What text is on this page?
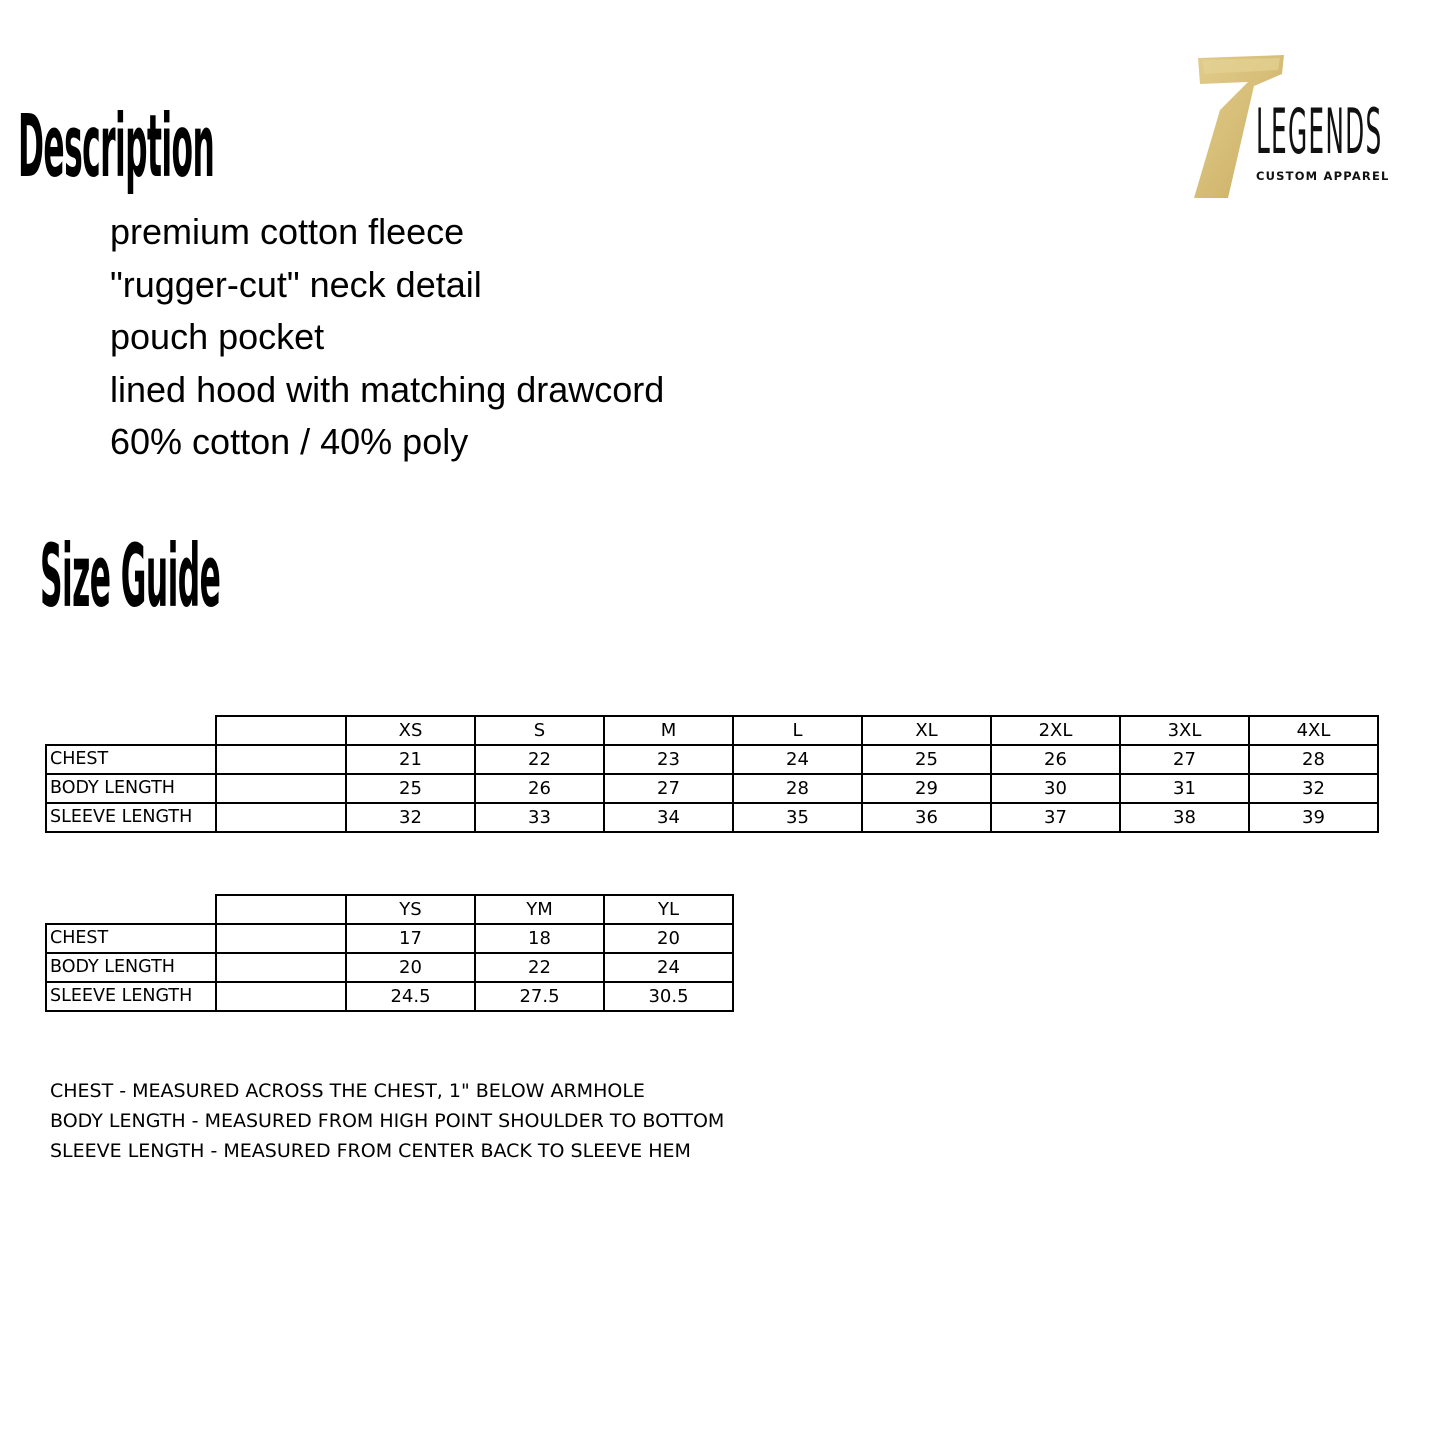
Description
premium cotton fleece
"rugger-cut" neck detail
pouch pocket
lined hood with matching drawcord
60% cotton / 40% poly
LEGENDS
CUSTOM APPAREL
Size Guide
		XS	S	M	L	XL	2XL	3XL	4XL
CHEST		21	22	23	24	25	26	27	28
BODY LENGTH		25	26	27	28	29	30	31	32
SLEEVE LENGTH		32	33	34	35	36	37	38	39
		YS	YM	YL
CHEST		17	18	20
BODY LENGTH		20	22	24
SLEEVE LENGTH		24.5	27.5	30.5
CHEST - MEASURED ACROSS THE CHEST, 1" BELOW ARMHOLE
BODY LENGTH - MEASURED FROM HIGH POINT SHOULDER TO BOTTOM
SLEEVE LENGTH - MEASURED FROM CENTER BACK TO SLEEVE HEM
